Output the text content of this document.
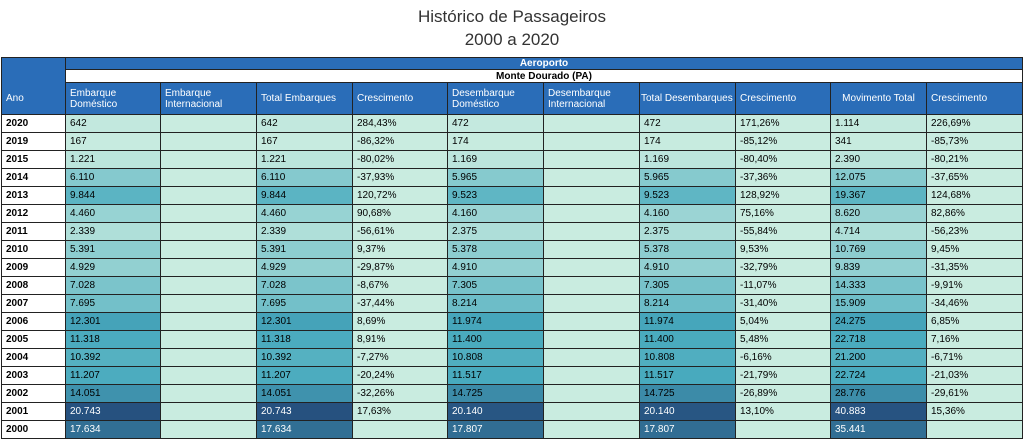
Histórico de Passageiros
2000 a 2020
	Aeroporto									
	Monte Dourado (PA)									
Ano	Embarque Doméstico	Embarque Internacional	Total Embarques	Crescimento	Desembarque Doméstico	Desembarque Internacional	Total Desembarques	Crescimento	Movimento Total	Crescimento
2020	642		642	284,43%	472		472	171,26%	1.114	226,69%
2019	167		167	-86,32%	174		174	-85,12%	341	-85,73%
2015	1.221		1.221	-80,02%	1.169		1.169	-80,40%	2.390	-80,21%
2014	6.110		6.110	-37,93%	5.965		5.965	-37,36%	12.075	-37,65%
2013	9.844		9.844	120,72%	9.523		9.523	128,92%	19.367	124,68%
2012	4.460		4.460	90,68%	4.160		4.160	75,16%	8.620	82,86%
2011	2.339		2.339	-56,61%	2.375		2.375	-55,84%	4.714	-56,23%
2010	5.391		5.391	9,37%	5.378		5.378	9,53%	10.769	9,45%
2009	4.929		4.929	-29,87%	4.910		4.910	-32,79%	9.839	-31,35%
2008	7.028		7.028	-8,67%	7.305		7.305	-11,07%	14.333	-9,91%
2007	7.695		7.695	-37,44%	8.214		8.214	-31,40%	15.909	-34,46%
2006	12.301		12.301	8,69%	11.974		11.974	5,04%	24.275	6,85%
2005	11.318		11.318	8,91%	11.400		11.400	5,48%	22.718	7,16%
2004	10.392		10.392	-7,27%	10.808		10.808	-6,16%	21.200	-6,71%
2003	11.207		11.207	-20,24%	11.517		11.517	-21,79%	22.724	-21,03%
2002	14.051		14.051	-32,26%	14.725		14.725	-26,89%	28.776	-29,61%
2001	20.743		20.743	17,63%	20.140		20.140	13,10%	40.883	15,36%
2000	17.634		17.634		17.807		17.807		35.441	
